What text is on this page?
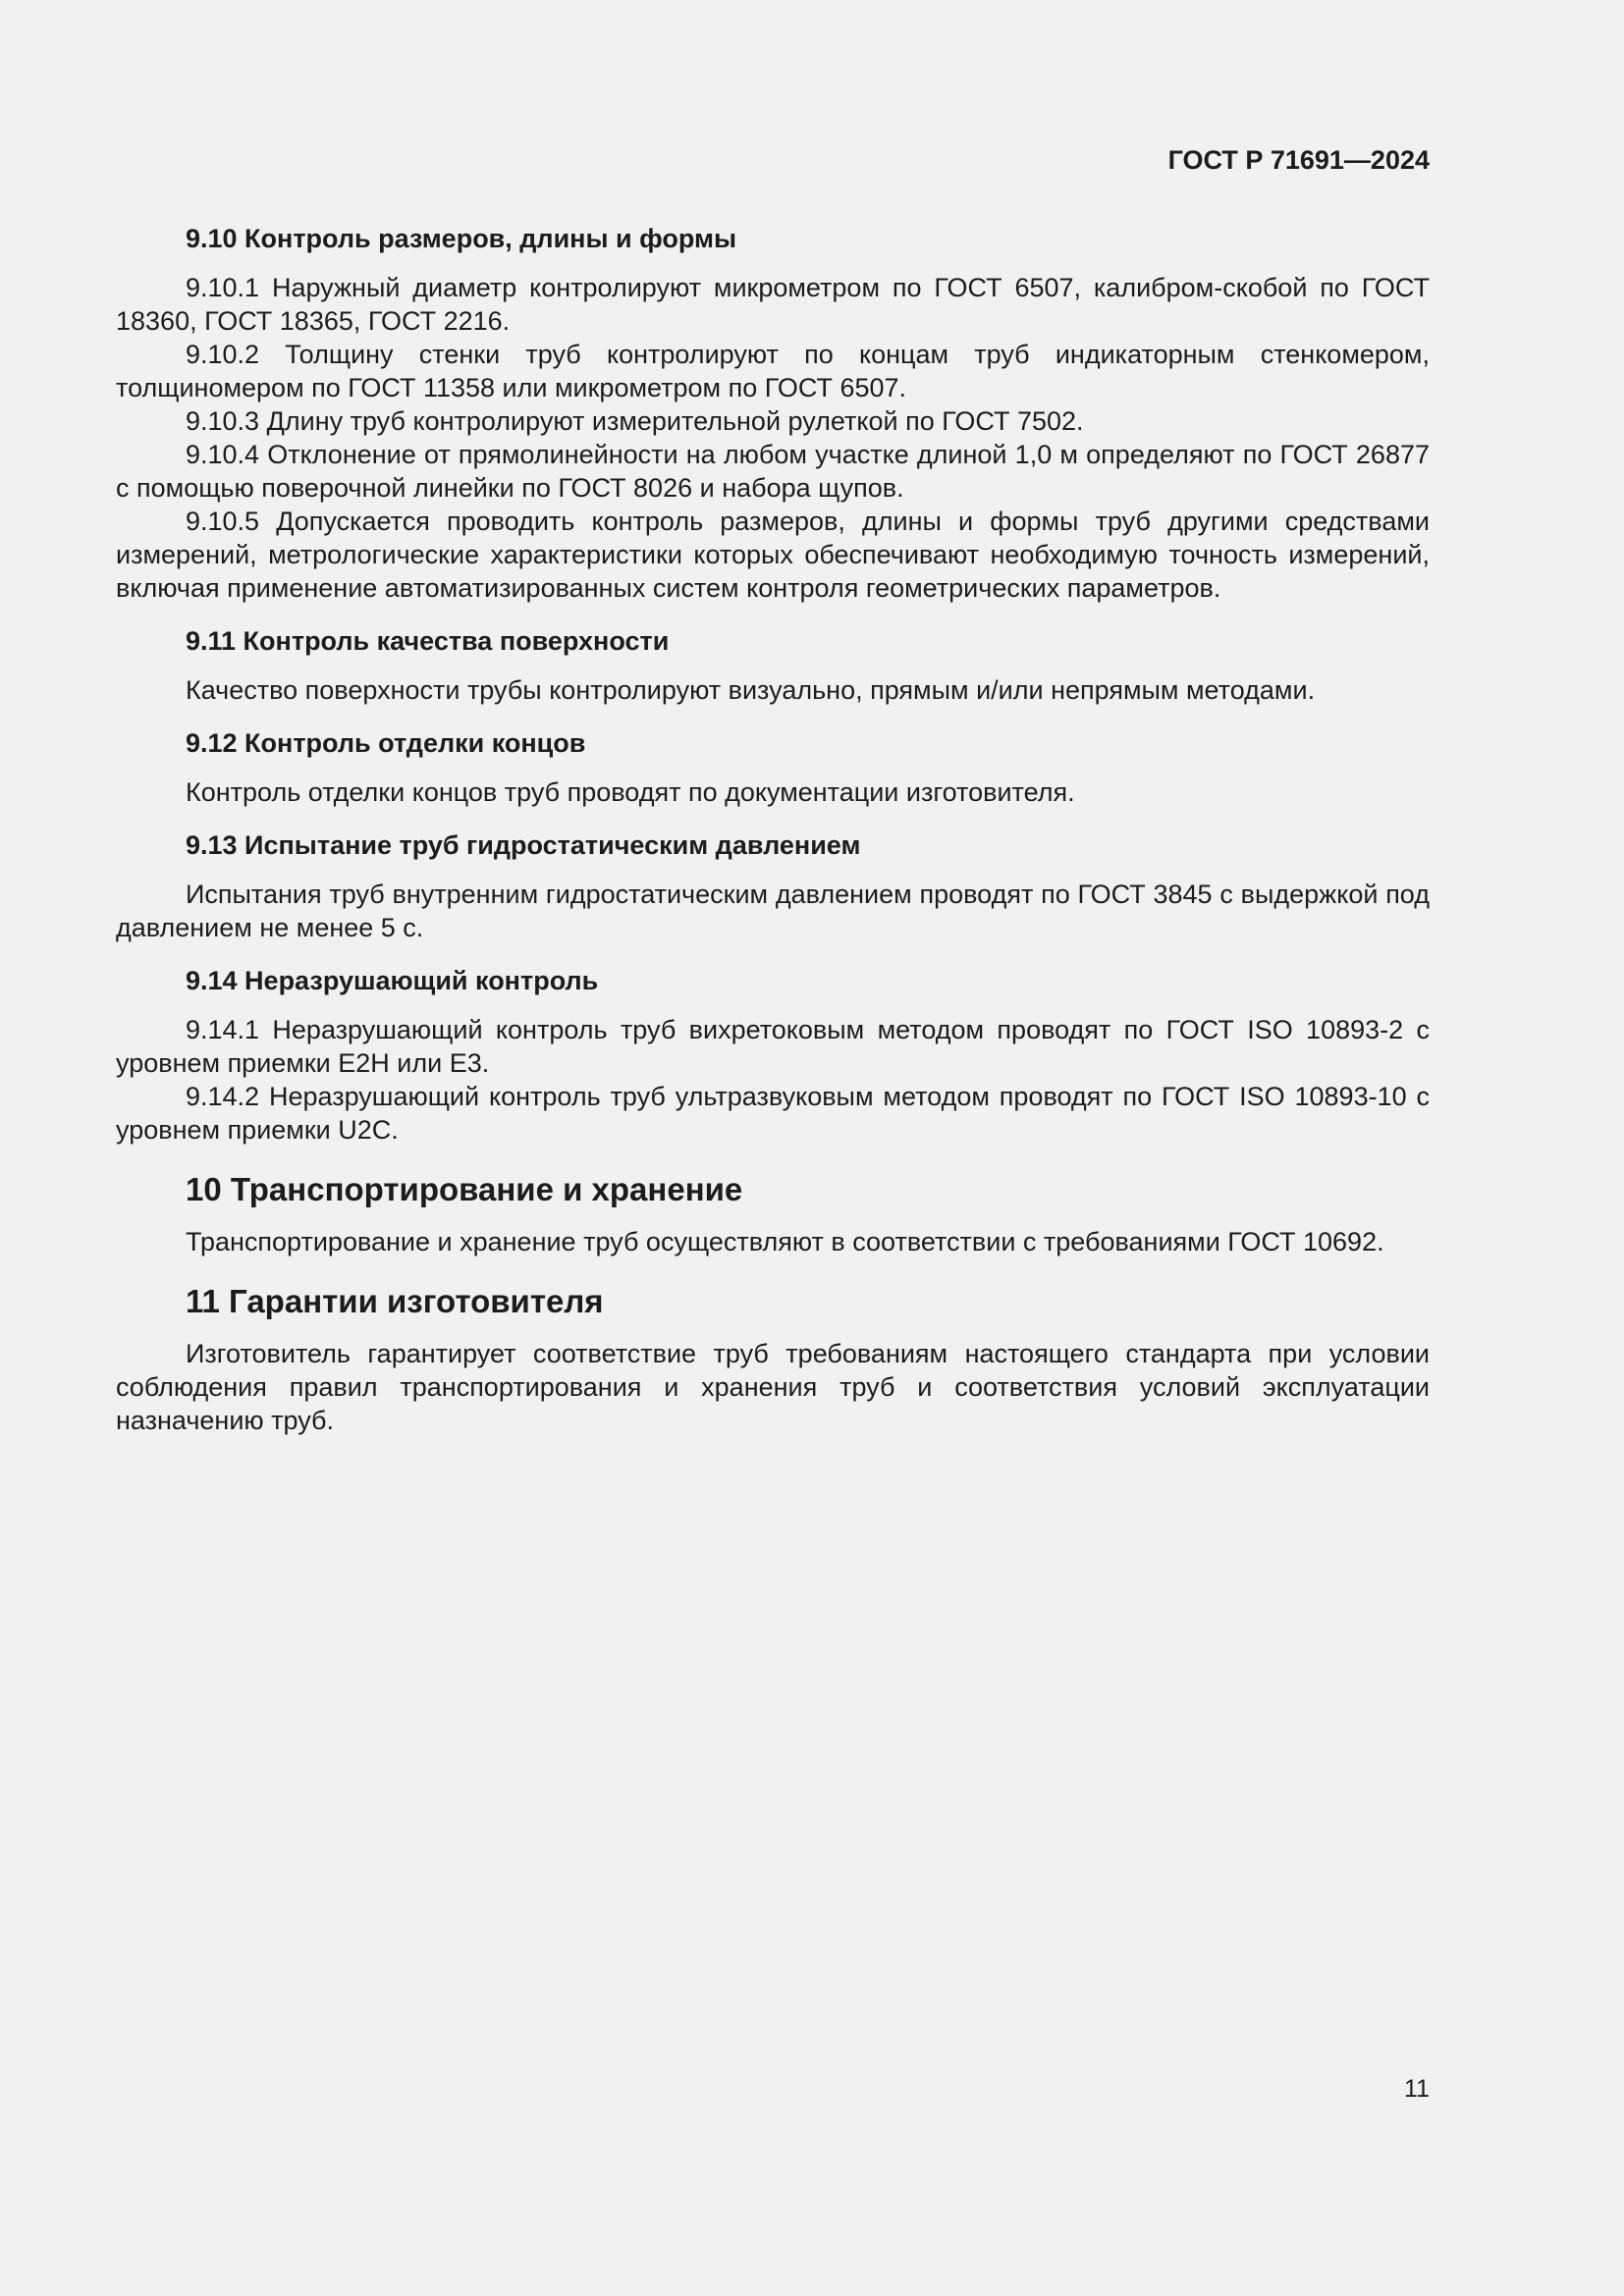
ГОСТ Р 71691—2024
9.10 Контроль размеров, длины и формы

9.10.1 Наружный диаметр контролируют микрометром по ГОСТ 6507, калибром-скобой по ГОСТ 18360, ГОСТ 18365, ГОСТ 2216.

9.10.2 Толщину стенки труб контролируют по концам труб индикаторным стенкомером, толщиномером по ГОСТ 11358 или микрометром по ГОСТ 6507.

9.10.3 Длину труб контролируют измерительной рулеткой по ГОСТ 7502.

9.10.4 Отклонение от прямолинейности на любом участке длиной 1,0 м определяют по ГОСТ 26877 с помощью поверочной линейки по ГОСТ 8026 и набора щупов.

9.10.5 Допускается проводить контроль размеров, длины и формы труб другими средствами измерений, метрологические характеристики которых обеспечивают необходимую точность измерений, включая применение автоматизированных систем контроля геометрических параметров.

9.11 Контроль качества поверхности

Качество поверхности трубы контролируют визуально, прямым и/или непрямым методами.

9.12 Контроль отделки концов

Контроль отделки концов труб проводят по документации изготовителя.

9.13 Испытание труб гидростатическим давлением

Испытания труб внутренним гидростатическим давлением проводят по ГОСТ 3845 с выдержкой под давлением не менее 5 с.

9.14 Неразрушающий контроль

9.14.1 Неразрушающий контроль труб вихретоковым методом проводят по ГОСТ ISO 10893-2 с уровнем приемки E2H или E3.

9.14.2 Неразрушающий контроль труб ультразвуковым методом проводят по ГОСТ ISO 10893-10 с уровнем приемки U2C.

10 Транспортирование и хранение

Транспортирование и хранение труб осуществляют в соответствии с требованиями ГОСТ 10692.

11 Гарантии изготовителя

Изготовитель гарантирует соответствие труб требованиям настоящего стандарта при условии соблюдения правил транспортирования и хранения труб и соответствия условий эксплуатации назначению труб.

11
